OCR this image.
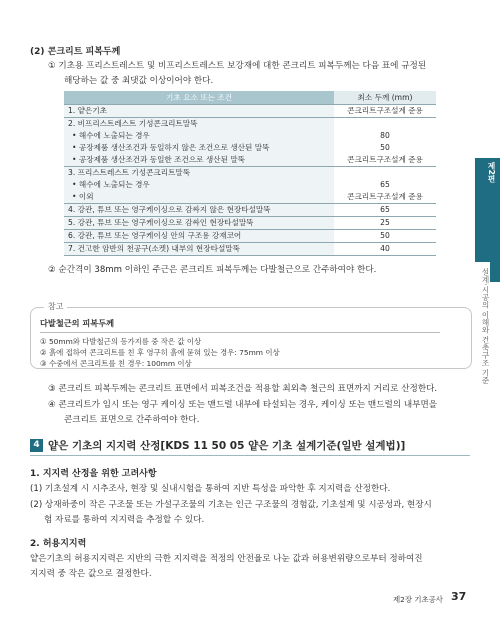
(2) 콘크리트 피복두께
① 기초용 프리스트레스트 및 비프리스트레스트 보강재에 대한 콘크리트 피복두께는 다음 표에 규정된
해당하는 값 중 최댓값 이상이어야 한다.
기초 요소 또는 조건	최소 두께 (mm)
1. 얕은기초	콘크리트구조설계 준용
2. 비프리스트레스트 기성콘크리트말뚝	
• 해수에 노출되는 경우	80
• 공장제품 생산조건과 동일하지 않은 조건으로 생산된 말뚝	50
• 공장제품 생산조건과 동일한 조건으로 생산된 말뚝	콘크리트구조설계 준용
3. 프리스트레스트 기성콘크리트말뚝	
• 해수에 노출되는 경우	65
• 이외	콘크리트구조설계 준용
4. 강관, 튜브 또는 영구케이싱으로 감싸지 않은 현장타설말뚝	65
5. 강관, 튜브 또는 영구케이싱으로 감싸인 현장타설말뚝	25
6. 강관, 튜브 또는 영구케이싱 안의 구조용 강재코어	50
7. 건고한 암반의 천공구(소켓) 내부의 현장타설말뚝	40
② 순간격이 38mm 이하인 주근은 콘크리트 피복두께는 다발철근으로 간주하여야 한다.
참고
다발철근의 피복두께
① 50mm와 다발철근의 등가지름 중 작은 값 이상
② 흙에 접하여 콘크리트를 친 후 영구히 흙에 묻혀 있는 경우: 75mm 이상
③ 수중에서 콘크리트를 친 경우: 100mm 이상
③ 콘크리트 피복두께는 콘크리트 표면에서 피복조건을 적용할 최외측 철근의 표면까지 거리로 산정한다.
④ 콘크리트가 임시 또는 영구 케이싱 또는 맨드럴 내부에 타설되는 경우, 케이싱 또는 맨드럴의 내부면을
콘크리트 표면으로 간주하여야 한다.
4 얕은 기초의 지지력 산정[KDS 11 50 05 얕은 기초 설계기준(일반 설계법)]
1. 지지력 산정을 위한 고려사항
(1) 기초설계 시 시추조사, 현장 및 실내시험을 통하여 지반 특성을 파악한 후 지지력을 산정한다.
(2) 상재하중이 작은 구조물 또는 가설구조물의 기초는 인근 구조물의 경험값, 기초설계 및 시공성과, 현장시
험 자료를 통하여 지지력을 추정할 수 있다.
2. 허용지지력
얕은기초의 허용지지력은 지반의 극한 지지력을 적정의 안전율로 나눈 값과 허용변위량으로부터 정하여진
지지력 중 작은 값으로 결정한다.
제2편
설계·시공의 이해와 건축구조 기준
제2장 기초공사 37
